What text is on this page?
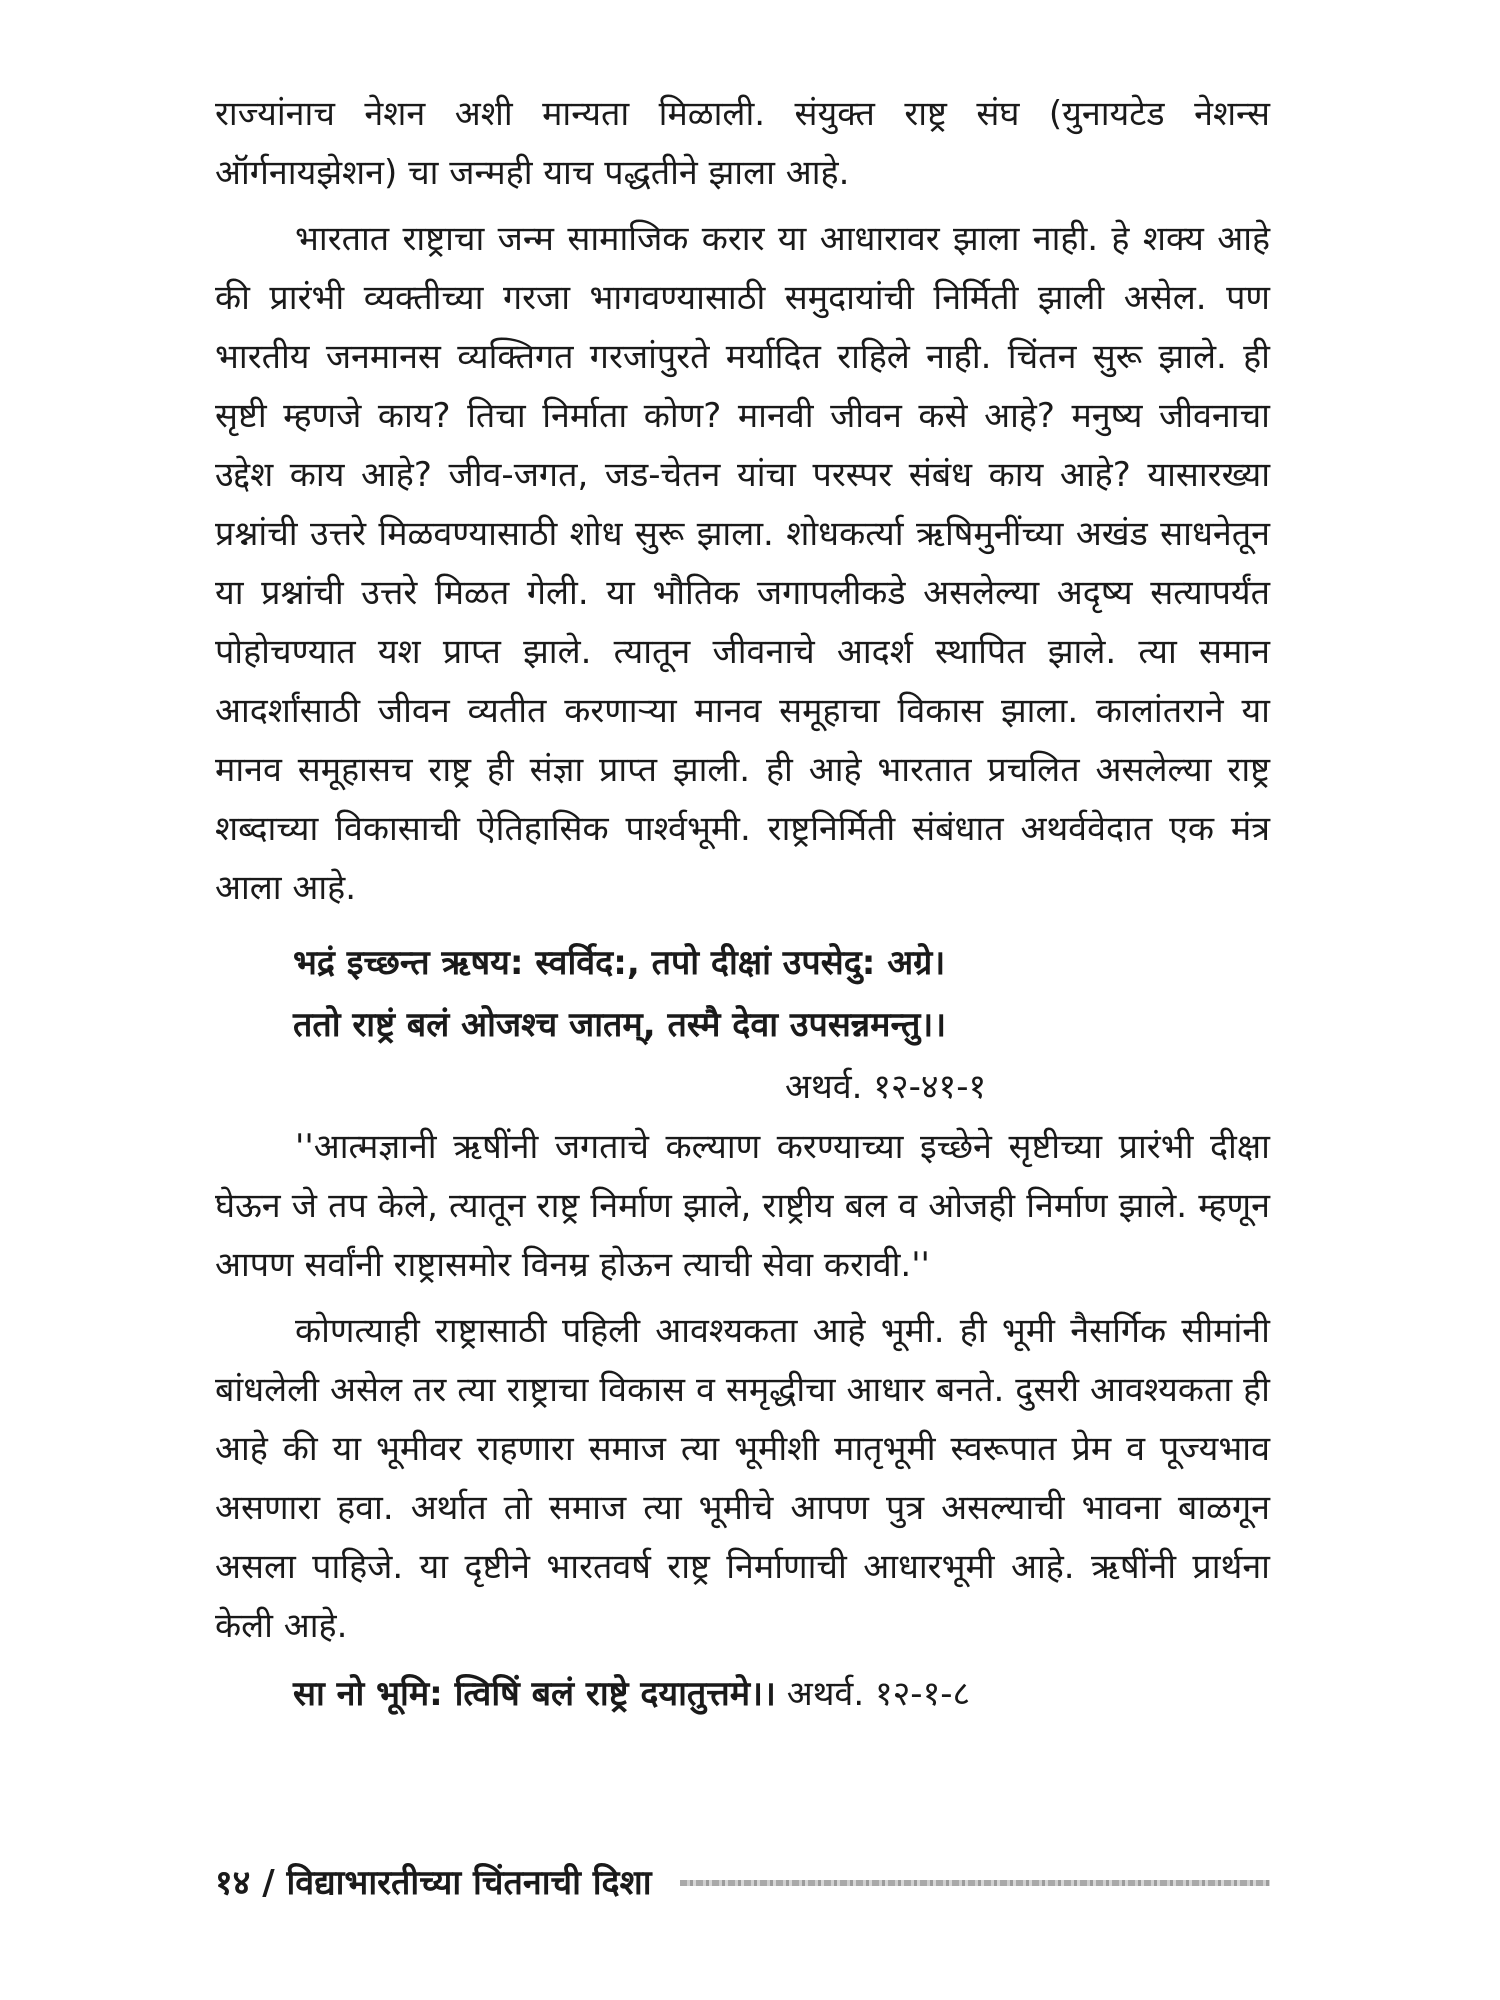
राज्यांनाच नेशन अशी मान्यता मिळाली. संयुक्त राष्ट्र संघ (युनायटेड नेशन्स ऑर्गनायझेशन) चा जन्मही याच पद्धतीने झाला आहे.

भारतात राष्ट्राचा जन्म सामाजिक करार या आधारावर झाला नाही. हे शक्य आहे की प्रारंभी व्यक्तीच्या गरजा भागवण्यासाठी समुदायांची निर्मिती झाली असेल. पण भारतीय जनमानस व्यक्तिगत गरजांपुरते मर्यादित राहिले नाही. चिंतन सुरू झाले. ही सृष्टी म्हणजे काय? तिचा निर्माता कोण? मानवी जीवन कसे आहे? मनुष्य जीवनाचा उद्देश काय आहे? जीव-जगत, जड-चेतन यांचा परस्पर संबंध काय आहे? यासारख्या प्रश्नांची उत्तरे मिळवण्यासाठी शोध सुरू झाला. शोधकर्त्या ऋषिमुनींच्या अखंड साधनेतून या प्रश्नांची उत्तरे मिळत गेली. या भौतिक जगापलीकडे असलेल्या अदृष्य सत्यापर्यंत पोहोचण्यात यश प्राप्त झाले. त्यातून जीवनाचे आदर्श स्थापित झाले. त्या समान आदर्शांसाठी जीवन व्यतीत करणाऱ्या मानव समूहाचा विकास झाला. कालांतराने या मानव समूहासच राष्ट्र ही संज्ञा प्राप्त झाली. ही आहे भारतात प्रचलित असलेल्या राष्ट्र शब्दाच्या विकासाची ऐतिहासिक पार्श्वभूमी. राष्ट्रनिर्मिती संबंधात अथर्ववेदात एक मंत्र आला आहे.

भद्रं इच्छन्त ऋषय: स्वर्विद:, तपो दीक्षां उपसेदु: अग्रे।

ततो राष्ट्रं बलं ओजश्च जातम्, तस्मै देवा उपसन्नमन्तु।।

अथर्व. १२-४१-१

''आत्मज्ञानी ऋषींनी जगताचे कल्याण करण्याच्या इच्छेने सृष्टीच्या प्रारंभी दीक्षा घेऊन जे तप केले, त्यातून राष्ट्र निर्माण झाले, राष्ट्रीय बल व ओजही निर्माण झाले. म्हणून आपण सर्वांनी राष्ट्रासमोर विनम्र होऊन त्याची सेवा करावी.''

कोणत्याही राष्ट्रासाठी पहिली आवश्यकता आहे भूमी. ही भूमी नैसर्गिक सीमांनी बांधलेली असेल तर त्या राष्ट्राचा विकास व समृद्धीचा आधार बनते. दुसरी आवश्यकता ही आहे की या भूमीवर राहणारा समाज त्या भूमीशी मातृभूमी स्वरूपात प्रेम व पूज्यभाव असणारा हवा. अर्थात तो समाज त्या भूमीचे आपण पुत्र असल्याची भावना बाळगून असला पाहिजे. या दृष्टीने भारतवर्ष राष्ट्र निर्माणाची आधारभूमी आहे. ऋषींनी प्रार्थना केली आहे.

सा नो भूमि: त्विषिं बलं राष्ट्रे दयातुत्तमे।। अथर्व. १२-१-८

१४ / विद्याभारतीच्या चिंतनाची दिशा
